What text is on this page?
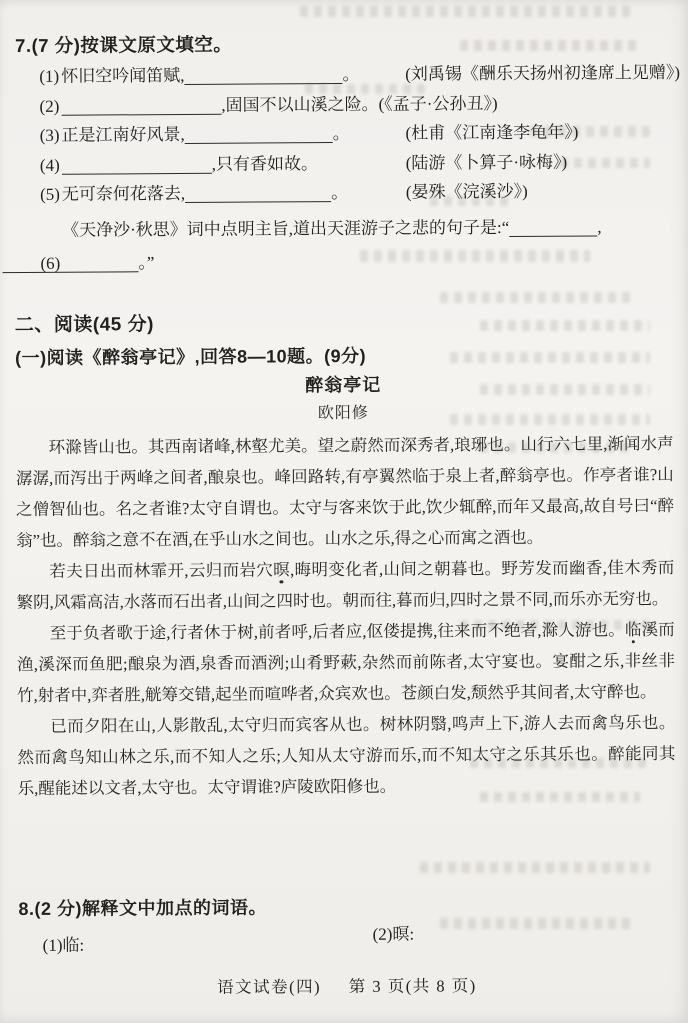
7.(7 分)按课文原文填空。
(1) 怀旧空吟闻笛赋,	。	(刘禹锡《酬乐天扬州初逢席上见赠》)
(2)	,固国不以山溪之险。(《孟子·公孙丑》)
(3) 正是江南好风景,	。	(杜甫《江南逢李龟年》)
(4)	,只有香如故。	(陆游《卜算子·咏梅》)
(5) 无可奈何花落去,	。	(晏殊《浣溪沙》)
(6)《天净沙·秋思》词中点明主旨,道出天涯游子之悲的句子是:“	,
。”
二、阅读(45 分)
(一)阅读《醉翁亭记》,回答8—10题。(9分)
醉翁亭记
欧阳修

环滁皆山也。其西南诸峰,林壑尤美。望之蔚然而深秀者,琅琊也。山行六七里,渐闻水声潺潺,而泻出于两峰之间者,酿泉也。峰回路转,有亭翼然临于泉上者,醉翁亭也。作亭者谁?山之僧智仙也。名之者谁?太守自谓也。太守与客来饮于此,饮少辄醉,而年又最高,故自号曰“醉翁”也。醉翁之意不在酒,在乎山水之间也。山水之乐,得之心而寓之酒也。

若夫日出而林霏开,云归而岩穴暝,晦明变化者,山间之朝暮也。野芳发而幽香,佳木秀而繁阴,风霜高洁,水落而石出者,山间之四时也。朝而往,暮而归,四时之景不同,而乐亦无穷也。

至于负者歌于途,行者休于树,前者呼,后者应,伛偻提携,往来而不绝者,滁人游也。临溪而渔,溪深而鱼肥;酿泉为酒,泉香而酒洌;山肴野蔌,杂然而前陈者,太守宴也。宴酣之乐,非丝非竹,射者中,弈者胜,觥筹交错,起坐而喧哗者,众宾欢也。苍颜白发,颓然乎其间者,太守醉也。

已而夕阳在山,人影散乱,太守归而宾客从也。树林阴翳,鸣声上下,游人去而禽鸟乐也。然而禽鸟知山林之乐,而不知人之乐;人知从太守游而乐,而不知太守之乐其乐也。醉能同其乐,醒能述以文者,太守也。太守谓谁?庐陵欧阳修也。

8.(2 分)解释文中加点的词语。
(1)临:
(2)暝:
语文试卷(四) 第 3 页(共 8 页)
